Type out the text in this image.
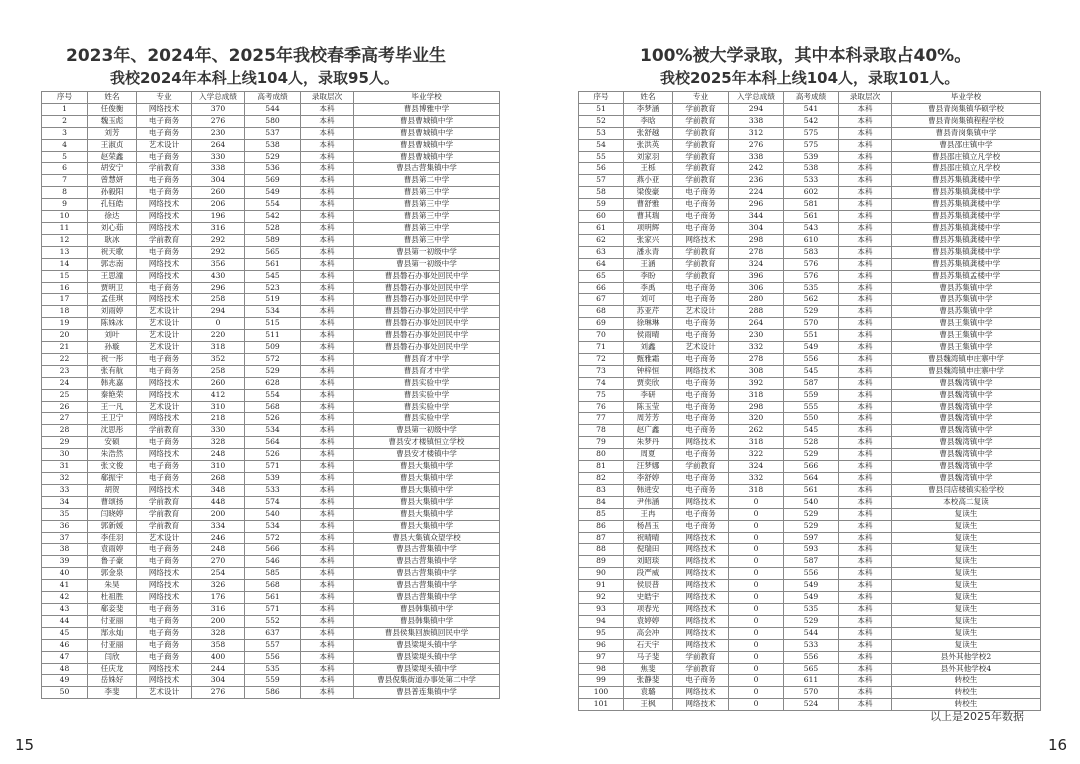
2023年、2024年、2025年我校春季高考毕业生
我校2024年本科上线104人，录取95人。
序号	姓名	专业	入学总成绩	高考成绩	录取层次	毕业学校
1	任俊衡	网络技术	370	544	本科	曹县博雅中学
2	魏玉彪	电子商务	276	580	本科	曹县曹城镇中学
3	刘芳	电子商务	230	537	本科	曹县曹城镇中学
4	王淑贞	艺术设计	264	538	本科	曹县曹城镇中学
5	赵荣鑫	电子商务	330	529	本科	曹县曹城镇中学
6	胡安宁	学前教育	338	536	本科	曹县古营集镇中学
7	曾慧妍	电子商务	304	569	本科	曹县第二中学
8	孙毅阳	电子商务	260	549	本科	曹县第三中学
9	孔钰皓	网络技术	206	554	本科	曹县第三中学
10	徐达	网络技术	196	542	本科	曹县第三中学
11	刘心茹	网络技术	316	528	本科	曹县第三中学
12	耿冰	学前教育	292	589	本科	曹县第三中学
13	祝天歌	电子商务	292	565	本科	曹县第一初级中学
14	郭志南	网络技术	356	561	本科	曹县第一初级中学
15	王思潼	网络技术	430	545	本科	曹县磐石办事处回民中学
16	贾明卫	电子商务	296	523	本科	曹县磐石办事处回民中学
17	孟佳琪	网络技术	258	519	本科	曹县磐石办事处回民中学
18	刘雨婷	艺术设计	294	534	本科	曹县磐石办事处回民中学
19	陈姝冰	艺术设计	0	515	本科	曹县磐石办事处回民中学
20	刘叶	艺术设计	220	511	本科	曹县磐石办事处回民中学
21	孙璇	艺术设计	318	509	本科	曹县磐石办事处回民中学
22	祝一彤	电子商务	352	572	本科	曹县育才中学
23	张有航	电子商务	258	529	本科	曹县育才中学
24	韩兆嘉	网络技术	260	628	本科	曹县实验中学
25	秦艳荣	网络技术	412	554	本科	曹县实验中学
26	王一凡	艺术设计	310	568	本科	曹县实验中学
27	王卫宁	网络技术	218	526	本科	曹县实验中学
28	沈思彤	学前教育	330	534	本科	曹县第一初级中学
29	安硕	电子商务	328	564	本科	曹县安才楼镇恒立学校
30	朱浩然	网络技术	248	526	本科	曹县安才楼镇中学
31	张文俊	电子商务	310	571	本科	曹县大集镇中学
32	郗振宇	电子商务	268	539	本科	曹县大集镇中学
33	胡贺	网络技术	348	533	本科	曹县大集镇中学
34	曹颂扬	学前教育	448	574	本科	曹县大集镇中学
35	闫晓婷	学前教育	200	540	本科	曹县大集镇中学
36	郭新媛	学前教育	334	534	本科	曹县大集镇中学
37	李佳羽	艺术设计	246	572	本科	曹县大集镇众望学校
38	袁雨婷	电子商务	248	566	本科	曹县古营集镇中学
39	鲁子豪	电子商务	270	546	本科	曹县古营集镇中学
40	郭金泉	网络技术	254	585	本科	曹县古营集镇中学
41	朱昊	网络技术	326	568	本科	曹县古营集镇中学
42	杜祖胜	网络技术	176	561	本科	曹县古营集镇中学
43	郗妾斐	电子商务	316	571	本科	曹县韩集镇中学
44	付亚丽	电子商务	200	552	本科	曹县韩集镇中学
45	郜永灿	电子商务	328	637	本科	曹县侯集回族镇回民中学
46	付亚丽	电子商务	358	557	本科	曹县梁堤头镇中学
47	闫欣	电子商务	400	556	本科	曹县梁堤头镇中学
48	任庆龙	网络技术	244	535	本科	曹县梁堤头镇中学
49	岳姝好	网络技术	304	559	本科	曹县倪集街道办事处第二中学
50	李斐	艺术设计	276	586	本科	曹县普连集镇中学
15
100%被大学录取，其中本科录取占40%。
我校2025年本科上线104人，录取101人。
序号	姓名	专业	入学总成绩	高考成绩	录取层次	毕业学校
51	李梦涵	学前教育	294	541	本科	曹县青岗集镇华硕学校
52	李晗	学前教育	338	542	本科	曹县青岗集镇程程学校
53	张舒越	学前教育	312	575	本科	曹县青岗集镇中学
54	张洪英	学前教育	276	575	本科	曹县邵庄镇中学
55	刘家羽	学前教育	338	539	本科	曹县邵庄镇立凡学校
56	王栎	学前教育	242	538	本科	曹县邵庄镇立凡学校
57	燕小亚	学前教育	236	533	本科	曹县苏集镇龚楼中学
58	梁俊豪	电子商务	224	602	本科	曹县苏集镇龚楼中学
59	曹舒雅	电子商务	296	581	本科	曹县苏集镇龚楼中学
60	曹其瑞	电子商务	344	561	本科	曹县苏集镇龚楼中学
61	项明辉	电子商务	304	543	本科	曹县苏集镇龚楼中学
62	张家兴	网络技术	298	610	本科	曹县苏集镇龚楼中学
63	潘永青	学前教育	278	583	本科	曹县苏集镇龚楼中学
64	王涵	学前教育	324	576	本科	曹县苏集镇龚楼中学
65	李盼	学前教育	396	576	本科	曹县苏集镇孟楼中学
66	李禹	电子商务	306	535	本科	曹县苏集镇中学
67	刘可	电子商务	280	562	本科	曹县苏集镇中学
68	苏亚芹	艺术设计	288	529	本科	曹县苏集镇中学
69	徐琳琳	电子商务	264	570	本科	曹县王集镇中学
70	侯雨晴	电子商务	230	551	本科	曹县王集镇中学
71	刘鑫	艺术设计	332	549	本科	曹县王集镇中学
72	甄雅霜	电子商务	278	556	本科	曹县魏湾镇申庄寨中学
73	钟梓恒	网络技术	308	545	本科	曹县魏湾镇申庄寨中学
74	贾奕欣	电子商务	392	587	本科	曹县魏湾镇中学
75	李研	电子商务	318	559	本科	曹县魏湾镇中学
76	陈玉莹	电子商务	298	555	本科	曹县魏湾镇中学
77	周芳芳	电子商务	320	550	本科	曹县魏湾镇中学
78	赵广鑫	电子商务	262	545	本科	曹县魏湾镇中学
79	朱梦丹	网络技术	318	528	本科	曹县魏湾镇中学
80	周夏	电子商务	322	529	本科	曹县魏湾镇中学
81	汪梦娜	学前教育	324	566	本科	曹县魏湾镇中学
82	李舒婷	电子商务	332	564	本科	曹县魏湾镇中学
83	韩进安	电子商务	318	561	本科	曹县闫店楼镇实验学校
84	尹伟涵	网络技术	0	540	本科	本校高二复读
85	王冉	电子商务	0	529	本科	复读生
86	杨昌玉	电子商务	0	529	本科	复读生
87	祝晴晴	网络技术	0	597	本科	复读生
88	倪瑞田	网络技术	0	593	本科	复读生
89	刘昭琰	网络技术	0	587	本科	复读生
90	段严威	网络技术	0	556	本科	复读生
91	侯辰普	网络技术	0	549	本科	复读生
92	史皓宇	网络技术	0	549	本科	复读生
93	项春光	网络技术	0	535	本科	复读生
94	袁婷婷	网络技术	0	529	本科	复读生
95	高会冲	网络技术	0	544	本科	复读生
96	石天宇	网络技术	0	533	本科	复读生
97	马子斐	学前教育	0	556	本科	县外其他学校2
98	焦斐	学前教育	0	565	本科	县外其他学校4
99	张静斐	电子商务	0	611	本科	转校生
100	袁璐	网络技术	0	570	本科	转校生
101	王枫	网络技术	0	524	本科	转校生
以上是2025年数据
16
